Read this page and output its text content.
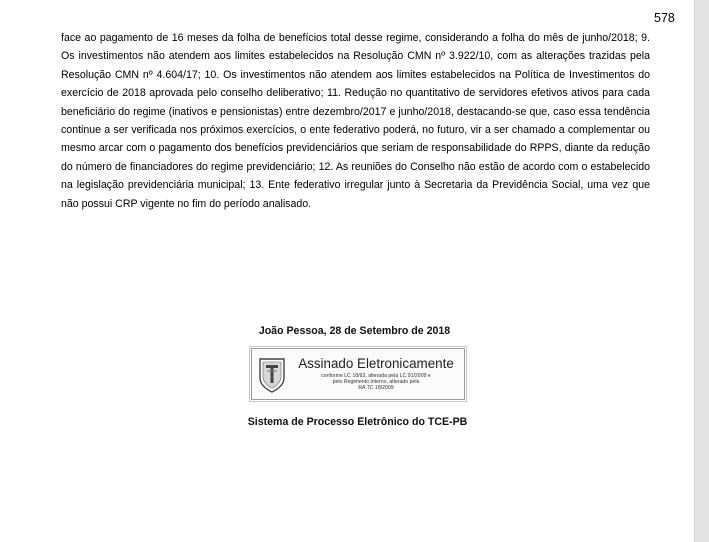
578

face ao pagamento de 16 meses da folha de benefícios total desse regime, considerando a folha do mês de junho/2018; 9. Os investimentos não atendem aos limites estabelecidos na Resolução CMN nº 3.922/10, com as alterações trazidas pela Resolução CMN nº 4.604/17; 10. Os investimentos não atendem aos limites estabelecidos na Política de Investimentos do exercício de 2018 aprovada pelo conselho deliberativo; 11. Redução no quantitativo de servidores efetivos ativos para cada beneficiário do regime (inativos e pensionistas) entre dezembro/2017 e junho/2018, destacando-se que, caso essa tendência continue a ser verificada nos próximos exercícios, o ente federativo poderá, no futuro, vir a ser chamado a complementar ou mesmo arcar com o pagamento dos benefícios previdenciários que seriam de responsabilidade do RPPS, diante da redução do número de financiadores do regime previdenciário; 12. As reuniões do Conselho não estão de acordo com o estabelecido na legislação previdenciária municipal; 13. Ente federativo irregular junto à Secretaria da Previdência Social, uma vez que não possui CRP vigente no fim do período analisado.

João Pessoa, 28 de Setembro de 2018
Assinado Eletronicamente
conforme LC 18/93, alterada pela LC 91/2009 e
pelo Regimento Interno, alterado pela
RA TC 18/2009
Sistema de Processo Eletrônico do TCE-PB
